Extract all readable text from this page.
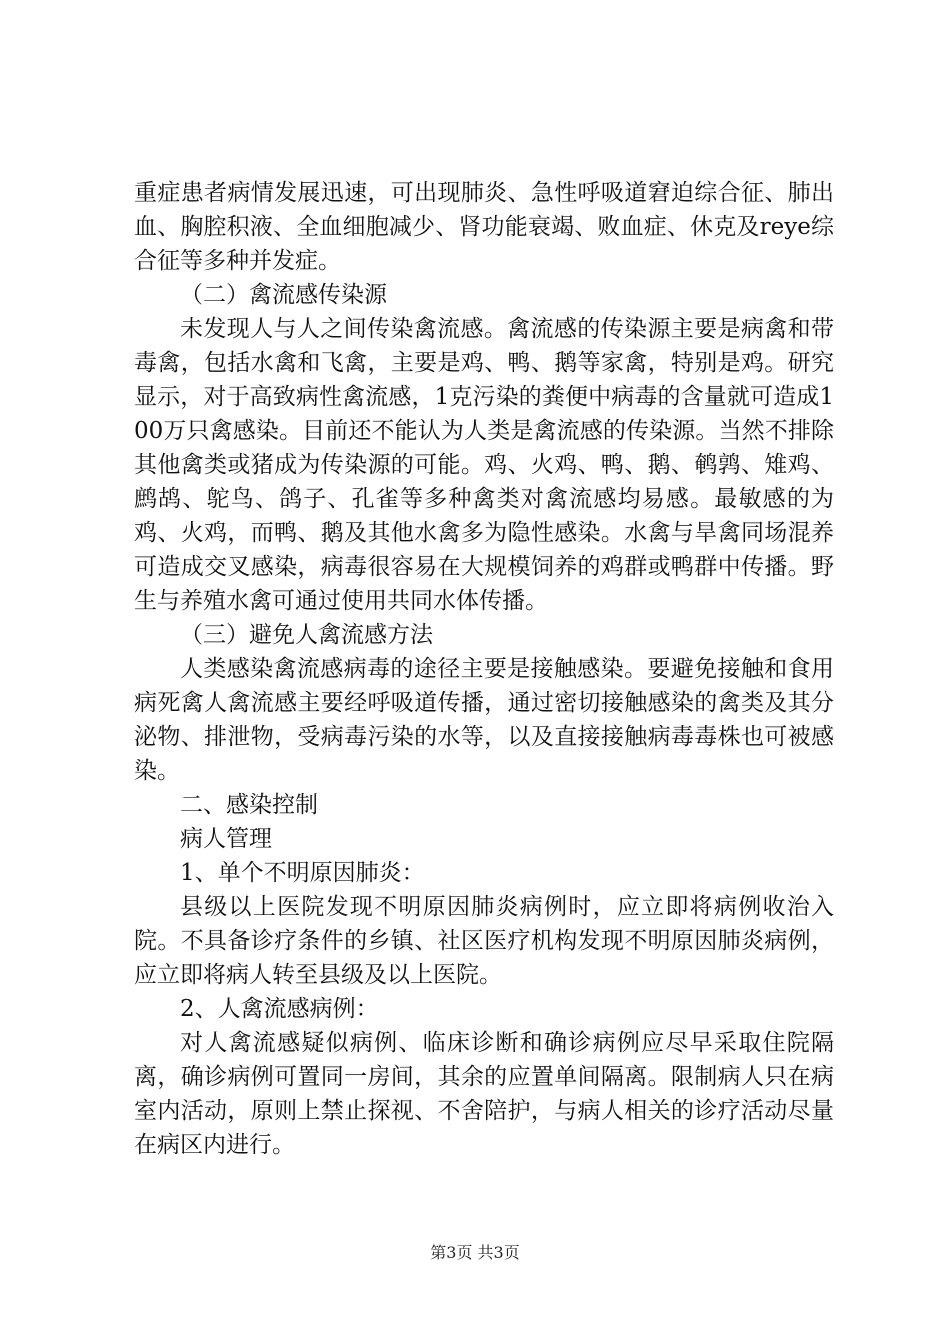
重症患者病情发展迅速，可出现肺炎、急性呼吸道窘迫综合征、肺出血、胸腔积液、全血细胞减少、肾功能衰竭、败血症、休克及reye综合征等多种并发症。

（二）禽流感传染源

未发现人与人之间传染禽流感。禽流感的传染源主要是病禽和带毒禽，包括水禽和飞禽，主要是鸡、鸭、鹅等家禽，特别是鸡。研究显示，对于高致病性禽流感，1克污染的粪便中病毒的含量就可造成100万只禽感染。目前还不能认为人类是禽流感的传染源。当然不排除其他禽类或猪成为传染源的可能。鸡、火鸡、鸭、鹅、鹌鹑、雉鸡、鹧鸪、鸵鸟、鸽子、孔雀等多种禽类对禽流感均易感。最敏感的为鸡、火鸡，而鸭、鹅及其他水禽多为隐性感染。水禽与旱禽同场混养可造成交叉感染，病毒很容易在大规模饲养的鸡群或鸭群中传播。野生与养殖水禽可通过使用共同水体传播。

（三）避免人禽流感方法

人类感染禽流感病毒的途径主要是接触感染。要避免接触和食用病死禽人禽流感主要经呼吸道传播，通过密切接触感染的禽类及其分泌物、排泄物，受病毒污染的水等，以及直接接触病毒毒株也可被感染。

二、感染控制

病人管理

1、单个不明原因肺炎：

县级以上医院发现不明原因肺炎病例时，应立即将病例收治入院。不具备诊疗条件的乡镇、社区医疗机构发现不明原因肺炎病例，应立即将病人转至县级及以上医院。

2、人禽流感病例：

对人禽流感疑似病例、临床诊断和确诊病例应尽早采取住院隔离，确诊病例可置同一房间，其余的应置单间隔离。限制病人只在病室内活动，原则上禁止探视、不舍陪护，与病人相关的诊疗活动尽量在病区内进行。

第3页 共3页
